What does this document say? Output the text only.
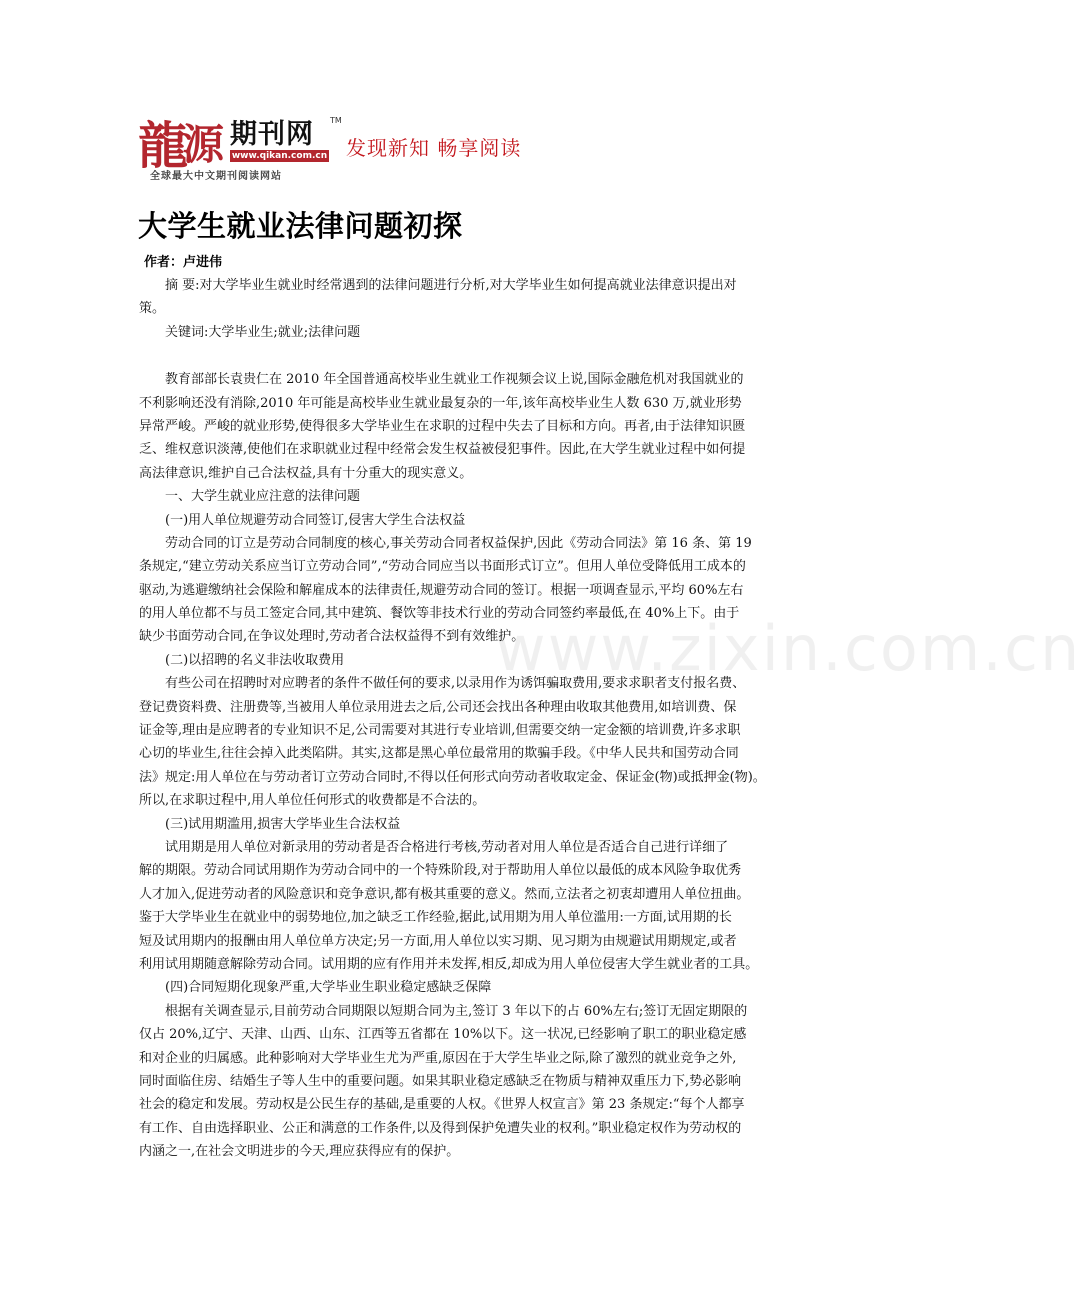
龍
源 期刊网 TM
www.qikan.com.cn
全球最大中文期刊阅读网站
发现新知 畅享阅读
大学生就业法律问题初探
作者：卢进伟
www.zixin.com.cn
摘 要:对大学毕业生就业时经常遇到的法律问题进行分析,对大学毕业生如何提高就业法律意识提出对
策。
关键词:大学毕业生;就业;法律问题
教育部部长袁贵仁在 2010 年全国普通高校毕业生就业工作视频会议上说,国际金融危机对我国就业的
不利影响还没有消除,2010 年可能是高校毕业生就业最复杂的一年,该年高校毕业生人数 630 万,就业形势
异常严峻。严峻的就业形势,使得很多大学毕业生在求职的过程中失去了目标和方向。再者,由于法律知识匮
乏、维权意识淡薄,使他们在求职就业过程中经常会发生权益被侵犯事件。因此,在大学生就业过程中如何提
高法律意识,维护自己合法权益,具有十分重大的现实意义。
一、大学生就业应注意的法律问题
(一)用人单位规避劳动合同签订,侵害大学生合法权益
劳动合同的订立是劳动合同制度的核心,事关劳动合同者权益保护,因此《劳动合同法》第 16 条、第 19
条规定,“建立劳动关系应当订立劳动合同”,“劳动合同应当以书面形式订立”。但用人单位受降低用工成本的
驱动,为逃避缴纳社会保险和解雇成本的法律责任,规避劳动合同的签订。根据一项调查显示,平均 60%左右
的用人单位都不与员工签定合同,其中建筑、餐饮等非技术行业的劳动合同签约率最低,在 40%上下。由于
缺少书面劳动合同,在争议处理时,劳动者合法权益得不到有效维护。
(二)以招聘的名义非法收取费用
有些公司在招聘时对应聘者的条件不做任何的要求,以录用作为诱饵骗取费用,要求求职者支付报名费、
登记费资料费、注册费等,当被用人单位录用进去之后,公司还会找出各种理由收取其他费用,如培训费、保
证金等,理由是应聘者的专业知识不足,公司需要对其进行专业培训,但需要交纳一定金额的培训费,许多求职
心切的毕业生,往往会掉入此类陷阱。其实,这都是黑心单位最常用的欺骗手段。《中华人民共和国劳动合同
法》规定:用人单位在与劳动者订立劳动合同时,不得以任何形式向劳动者收取定金、保证金(物)或抵押金(物)。
所以,在求职过程中,用人单位任何形式的收费都是不合法的。
(三)试用期滥用,损害大学毕业生合法权益
试用期是用人单位对新录用的劳动者是否合格进行考核,劳动者对用人单位是否适合自己进行详细了
解的期限。劳动合同试用期作为劳动合同中的一个特殊阶段,对于帮助用人单位以最低的成本风险争取优秀
人才加入,促进劳动者的风险意识和竞争意识,都有极其重要的意义。然而,立法者之初衷却遭用人单位扭曲。
鉴于大学毕业生在就业中的弱势地位,加之缺乏工作经验,据此,试用期为用人单位滥用:一方面,试用期的长
短及试用期内的报酬由用人单位单方决定;另一方面,用人单位以实习期、见习期为由规避试用期规定,或者
利用试用期随意解除劳动合同。试用期的应有作用并未发挥,相反,却成为用人单位侵害大学生就业者的工具。
(四)合同短期化现象严重,大学毕业生职业稳定感缺乏保障
根据有关调查显示,目前劳动合同期限以短期合同为主,签订 3 年以下的占 60%左右;签订无固定期限的
仅占 20%,辽宁、天津、山西、山东、江西等五省都在 10%以下。这一状况,已经影响了职工的职业稳定感
和对企业的归属感。此种影响对大学毕业生尤为严重,原因在于大学生毕业之际,除了激烈的就业竞争之外,
同时面临住房、结婚生子等人生中的重要问题。如果其职业稳定感缺乏在物质与精神双重压力下,势必影响
社会的稳定和发展。劳动权是公民生存的基础,是重要的人权。《世界人权宣言》第 23 条规定:“每个人都享
有工作、自由选择职业、公正和满意的工作条件,以及得到保护免遭失业的权利。”职业稳定权作为劳动权的
内涵之一,在社会文明进步的今天,理应获得应有的保护。
